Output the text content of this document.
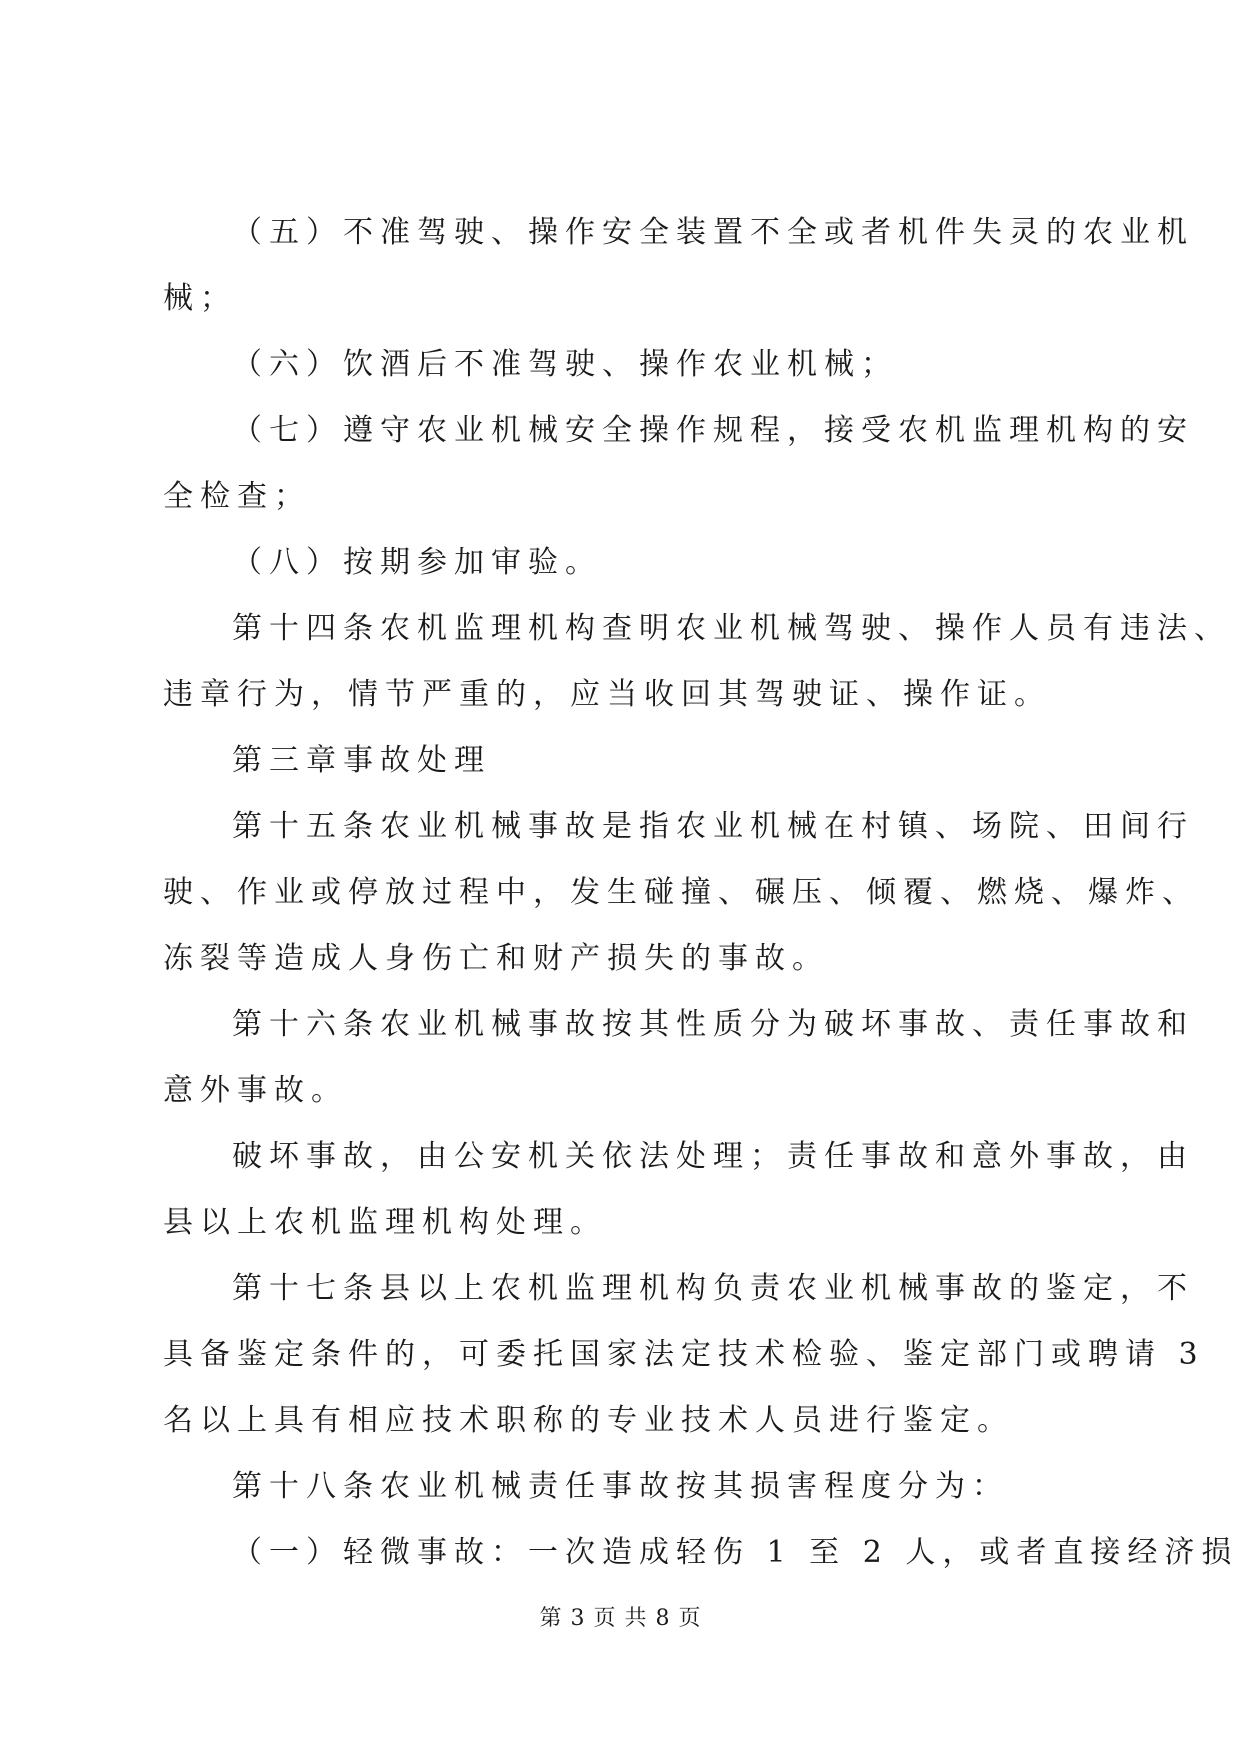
（五）不准驾驶、操作安全装置不全或者机件失灵的农业机
械；
（六）饮酒后不准驾驶、操作农业机械；
（七）遵守农业机械安全操作规程，接受农机监理机构的安
全检查；
（八）按期参加审验。
第十四条农机监理机构查明农业机械驾驶、操作人员有违法、
违章行为，情节严重的，应当收回其驾驶证、操作证。
第三章事故处理
第十五条农业机械事故是指农业机械在村镇、场院、田间行
驶、作业或停放过程中，发生碰撞、碾压、倾覆、燃烧、爆炸、
冻裂等造成人身伤亡和财产损失的事故。
第十六条农业机械事故按其性质分为破坏事故、责任事故和
意外事故。
破坏事故，由公安机关依法处理；责任事故和意外事故，由
县以上农机监理机构处理。
第十七条县以上农机监理机构负责农业机械事故的鉴定，不
具备鉴定条件的，可委托国家法定技术检验、鉴定部门或聘请 3
名以上具有相应技术职称的专业技术人员进行鉴定。
第十八条农业机械责任事故按其损害程度分为：
第 3 页 共 8 页
（一）轻微事故：一次造成轻伤 1 至 2 人，或者直接经济损
